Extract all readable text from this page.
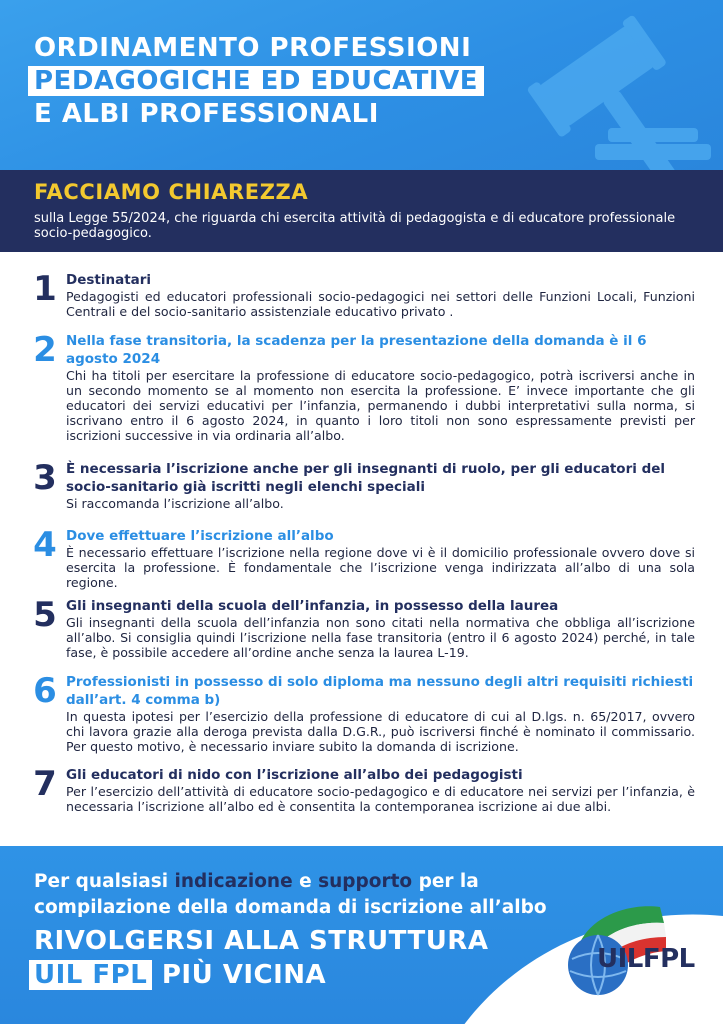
ORDINAMENTO PROFESSIONI
PEDAGOGICHE ED EDUCATIVE
E ALBI PROFESSIONALI
FACCIAMO CHIAREZZA
sulla Legge 55/2024, che riguarda chi esercita attività di pedagogista e di educatore professionale socio-pedagogico.
1 Destinatari
Pedagogisti ed educatori professionali socio-pedagogici nei settori delle Funzioni Locali, Funzioni Centrali e del socio-sanitario assistenziale educativo privato .
2 Nella fase transitoria, la scadenza per la presentazione della domanda è il 6 agosto 2024
Chi ha titoli per esercitare la professione di educatore socio-pedagogico, potrà iscriversi anche in un secondo momento se al momento non esercita la professione. E’ invece importante che gli educatori dei servizi educativi per l’infanzia, permanendo i dubbi interpretativi sulla norma, si iscrivano entro il 6 agosto 2024, in quanto i loro titoli non sono espressamente previsti per iscrizioni successive in via ordinaria all’albo.
3 È necessaria l’iscrizione anche per gli insegnanti di ruolo, per gli educatori del socio-sanitario già iscritti negli elenchi speciali
Si raccomanda l’iscrizione all’albo.
4 Dove effettuare l’iscrizione all’albo
È necessario effettuare l’iscrizione nella regione dove vi è il domicilio professionale ovvero dove si esercita la professione. È fondamentale che l’iscrizione venga indirizzata all’albo di una sola regione.
5 Gli insegnanti della scuola dell’infanzia, in possesso della laurea
Gli insegnanti della scuola dell’infanzia non sono citati nella normativa che obbliga all’iscrizione all’albo. Si consiglia quindi l’iscrizione nella fase transitoria (entro il 6 agosto 2024) perché, in tale fase, è possibile accedere all’ordine anche senza la laurea L-19.
6 Professionisti in possesso di solo diploma ma nessuno degli altri requisiti richiesti dall’art. 4 comma b)
In questa ipotesi per l’esercizio della professione di educatore di cui al D.lgs. n. 65/2017, ovvero chi lavora grazie alla deroga prevista dalla D.G.R., può iscriversi finché è nominato il commissario. Per questo motivo, è necessario inviare subito la domanda di iscrizione.
7 Gli educatori di nido con l’iscrizione all’albo dei pedagogisti
Per l’esercizio dell’attività di educatore socio-pedagogico e di educatore nei servizi per l’infanzia, è necessaria l’iscrizione all’albo ed è consentita la contemporanea iscrizione ai due albi.
Per qualsiasi indicazione e supporto per la
compilazione della domanda di iscrizione all’albo
RIVOLGERSI ALLA STRUTTURA
UIL FPL PIÙ VICINA
UILFPL
